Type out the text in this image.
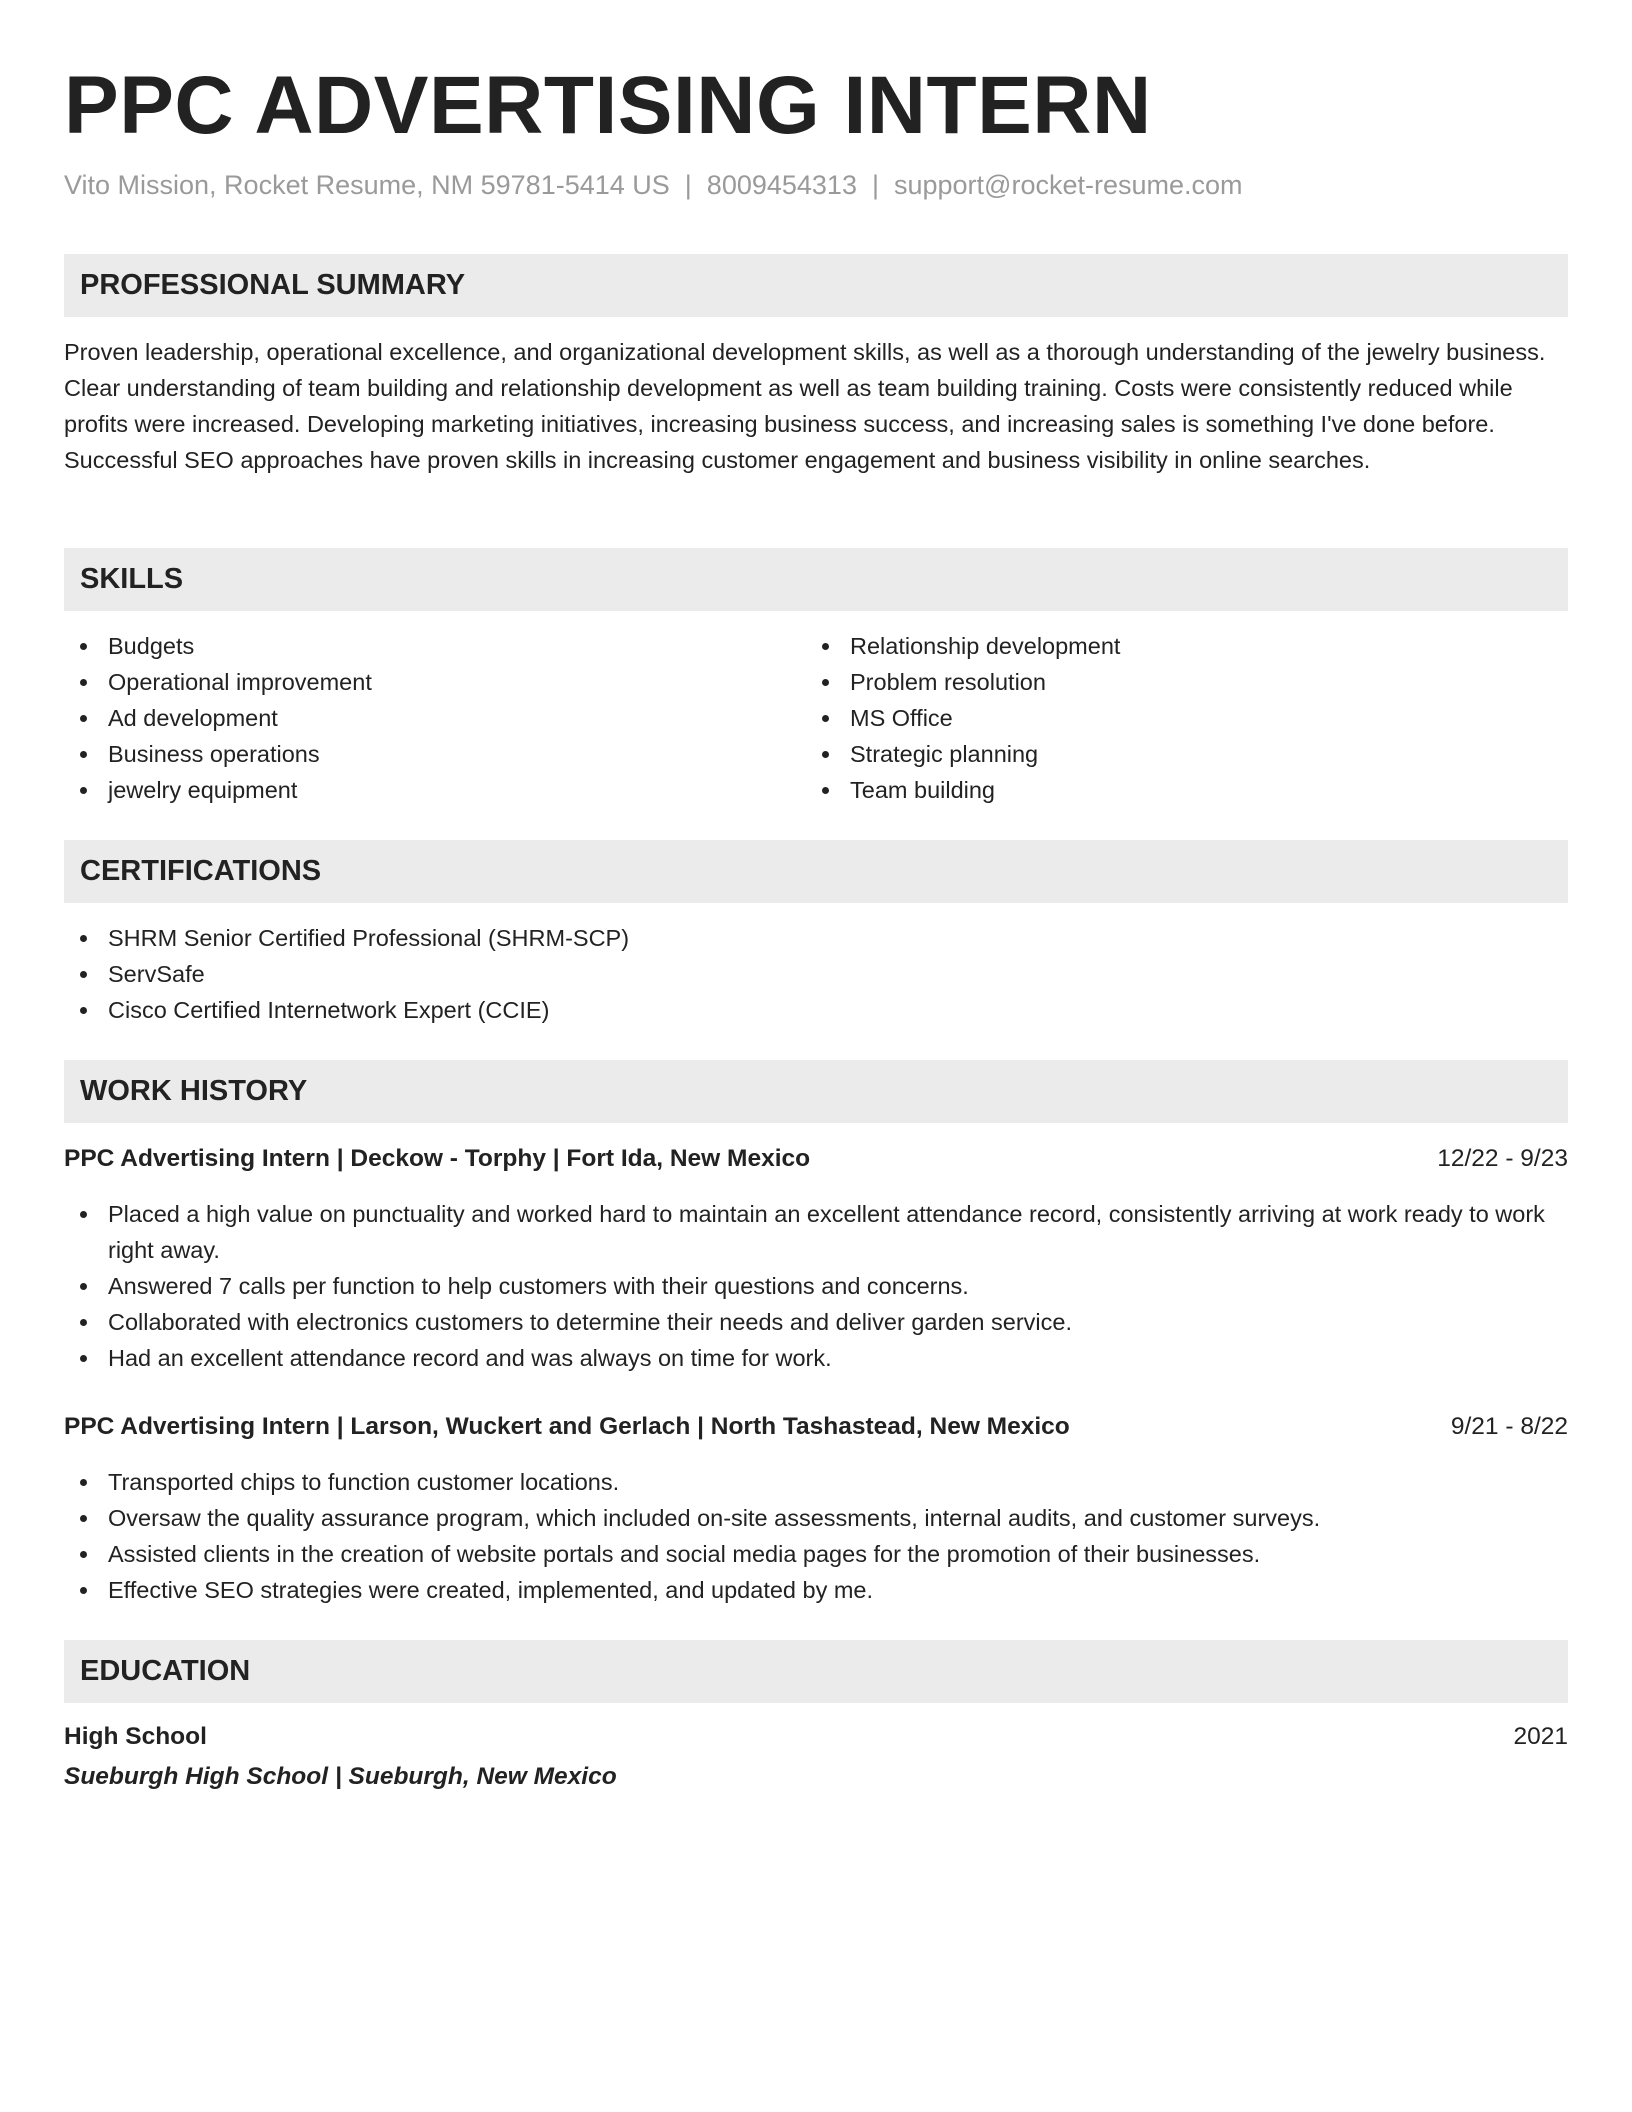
PPC ADVERTISING INTERN
Vito Mission, Rocket Resume, NM 59781-5414 US | 8009454313 | support@rocket-resume.com
PROFESSIONAL SUMMARY

Proven leadership, operational excellence, and organizational development skills, as well as a thorough understanding of the jewelry business. Clear understanding of team building and relationship development as well as team building training. Costs were consistently reduced while profits were increased. Developing marketing initiatives, increasing business success, and increasing sales is something I've done before. Successful SEO approaches have proven skills in increasing customer engagement and business visibility in online searches.

SKILLS
Budgets
Operational improvement
Ad development
Business operations
jewelry equipment
Relationship development
Problem resolution
MS Office
Strategic planning
Team building
CERTIFICATIONS
SHRM Senior Certified Professional (SHRM-SCP)
ServSafe
Cisco Certified Internetwork Expert (CCIE)
WORK HISTORY
PPC Advertising Intern | Deckow - Torphy | Fort Ida, New Mexico	12/22 - 9/23
Placed a high value on punctuality and worked hard to maintain an excellent attendance record, consistently arriving at work ready to work right away.
Answered 7 calls per function to help customers with their questions and concerns.
Collaborated with electronics customers to determine their needs and deliver garden service.
Had an excellent attendance record and was always on time for work.
PPC Advertising Intern | Larson, Wuckert and Gerlach | North Tashastead, New Mexico	9/21 - 8/22
Transported chips to function customer locations.
Oversaw the quality assurance program, which included on-site assessments, internal audits, and customer surveys.
Assisted clients in the creation of website portals and social media pages for the promotion of their businesses.
Effective SEO strategies were created, implemented, and updated by me.
EDUCATION
High School	2021
Sueburgh High School | Sueburgh, New Mexico
